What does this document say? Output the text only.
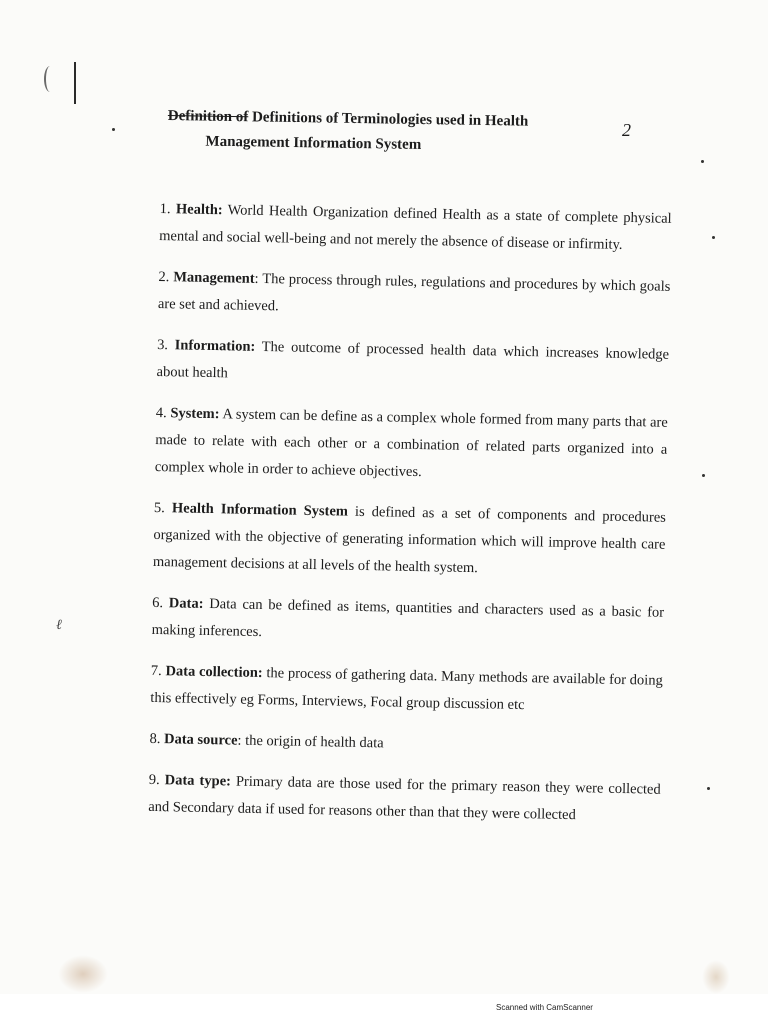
ℓ
Definition of Definitions of Terminologies used in Health
Management Information System
2

1. Health: World Health Organization defined Health as a state of complete physical mental and social well-being and not merely the absence of disease or infirmity.

2. Management: The process through rules, regulations and procedures by which goals are set and achieved.

3. Information: The outcome of processed health data which increases knowledge about health

4. System: A system can be define as a complex whole formed from many parts that are made to relate with each other or a combination of related parts organized into a complex whole in order to achieve objectives.

5. Health Information System is defined as a set of components and procedures organized with the objective of generating information which will improve health care management decisions at all levels of the health system.

6. Data: Data can be defined as items, quantities and characters used as a basic for making inferences.

7. Data collection: the process of gathering data. Many methods are available for doing this effectively eg Forms, Interviews, Focal group discussion etc

8. Data source: the origin of health data

9. Data type: Primary data are those used for the primary reason they were collected and Secondary data if used for reasons other than that they were collected

Scanned with CamScanner
